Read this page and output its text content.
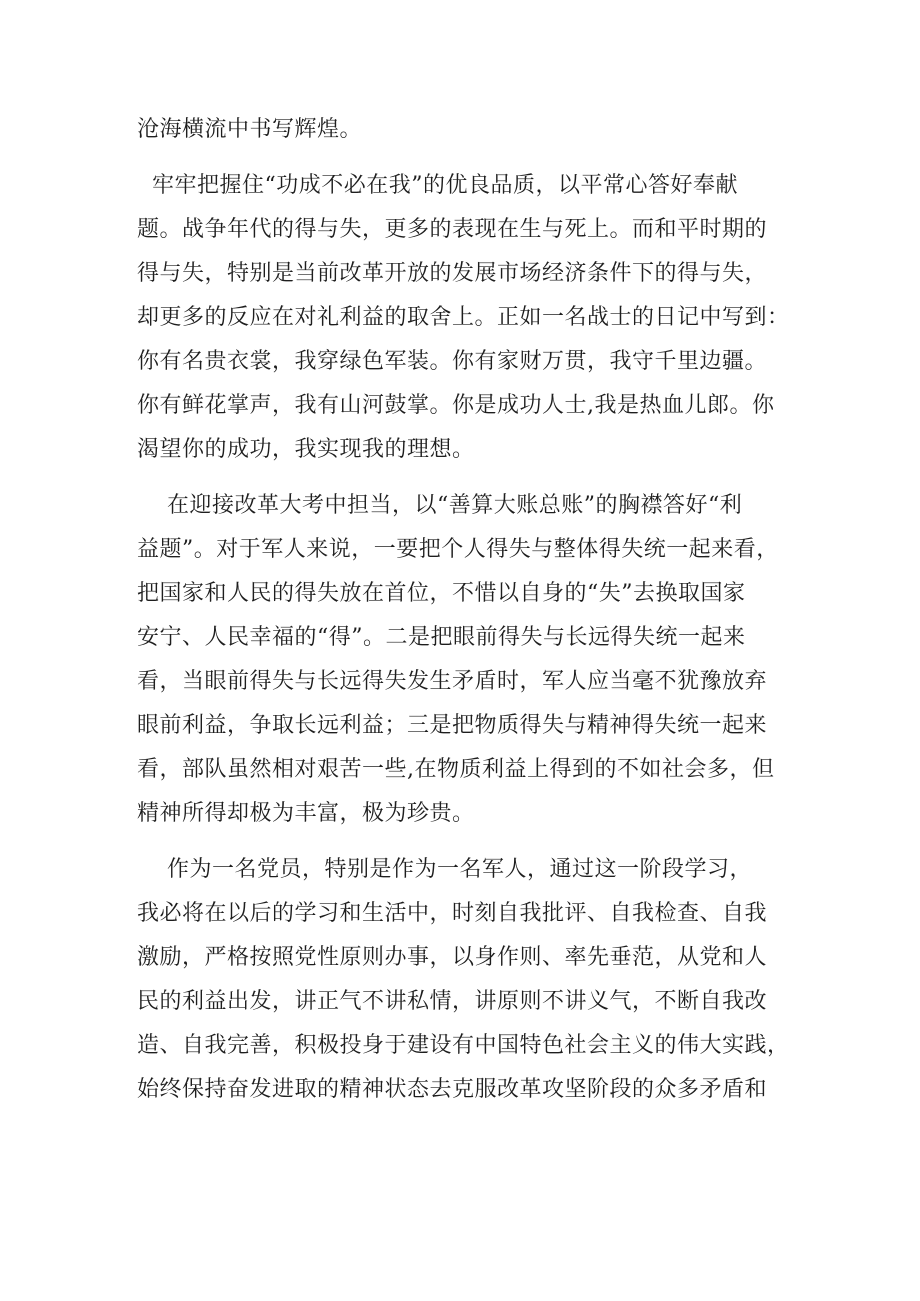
沧海横流中书写辉煌。
牢牢把握住“功成不必在我”的优良品质，以平常心答好奉献
题。战争年代的得与失，更多的表现在生与死上。而和平时期的
得与失，特别是当前改革开放的发展市场经济条件下的得与失，
却更多的反应在对礼利益的取舍上。正如一名战士的日记中写到：
你有名贵衣裳，我穿绿色军装。你有家财万贯，我守千里边疆。
你有鲜花掌声，我有山河鼓掌。你是成功人士,我是热血儿郎。你
渴望你的成功，我实现我的理想。
在迎接改革大考中担当，以“善算大账总账”的胸襟答好“利
益题”。对于军人来说，一要把个人得失与整体得失统一起来看，
把国家和人民的得失放在首位，不惜以自身的“失”去换取国家
安宁、人民幸福的“得”。二是把眼前得失与长远得失统一起来
看，当眼前得失与长远得失发生矛盾时，军人应当毫不犹豫放弃
眼前利益，争取长远利益；三是把物质得失与精神得失统一起来
看，部队虽然相对艰苦一些,在物质利益上得到的不如社会多，但
精神所得却极为丰富，极为珍贵。
作为一名党员，特别是作为一名军人，通过这一阶段学习，
我必将在以后的学习和生活中，时刻自我批评、自我检查、自我
激励，严格按照党性原则办事，以身作则、率先垂范，从党和人
民的利益出发，讲正气不讲私情，讲原则不讲义气，不断自我改
造、自我完善，积极投身于建设有中国特色社会主义的伟大实践，
始终保持奋发进取的精神状态去克服改革攻坚阶段的众多矛盾和
